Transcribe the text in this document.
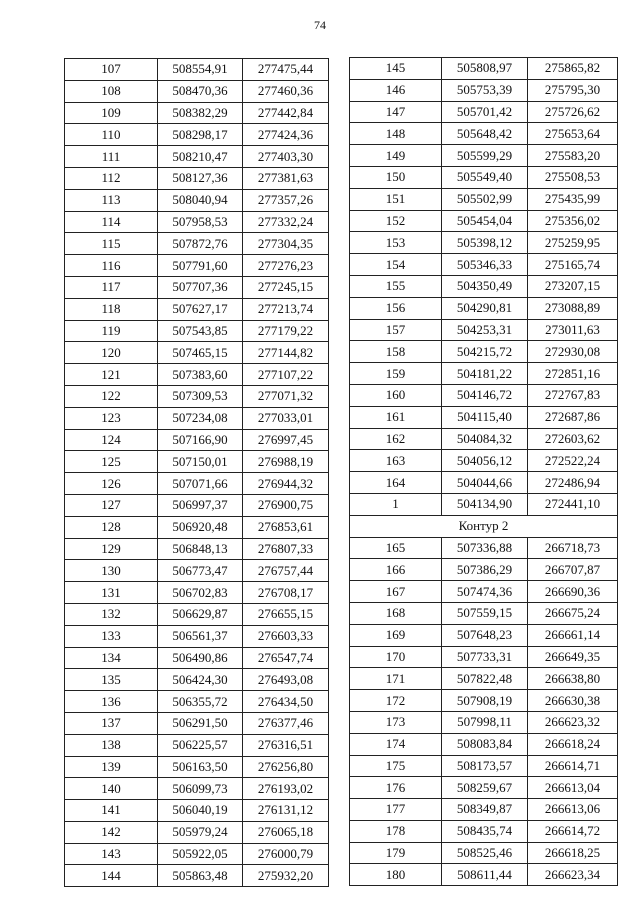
74
107	508554,91	277475,44
108	508470,36	277460,36
109	508382,29	277442,84
110	508298,17	277424,36
111	508210,47	277403,30
112	508127,36	277381,63
113	508040,94	277357,26
114	507958,53	277332,24
115	507872,76	277304,35
116	507791,60	277276,23
117	507707,36	277245,15
118	507627,17	277213,74
119	507543,85	277179,22
120	507465,15	277144,82
121	507383,60	277107,22
122	507309,53	277071,32
123	507234,08	277033,01
124	507166,90	276997,45
125	507150,01	276988,19
126	507071,66	276944,32
127	506997,37	276900,75
128	506920,48	276853,61
129	506848,13	276807,33
130	506773,47	276757,44
131	506702,83	276708,17
132	506629,87	276655,15
133	506561,37	276603,33
134	506490,86	276547,74
135	506424,30	276493,08
136	506355,72	276434,50
137	506291,50	276377,46
138	506225,57	276316,51
139	506163,50	276256,80
140	506099,73	276193,02
141	506040,19	276131,12
142	505979,24	276065,18
143	505922,05	276000,79
144	505863,48	275932,20
145	505808,97	275865,82
146	505753,39	275795,30
147	505701,42	275726,62
148	505648,42	275653,64
149	505599,29	275583,20
150	505549,40	275508,53
151	505502,99	275435,99
152	505454,04	275356,02
153	505398,12	275259,95
154	505346,33	275165,74
155	504350,49	273207,15
156	504290,81	273088,89
157	504253,31	273011,63
158	504215,72	272930,08
159	504181,22	272851,16
160	504146,72	272767,83
161	504115,40	272687,86
162	504084,32	272603,62
163	504056,12	272522,24
164	504044,66	272486,94
1	504134,90	272441,10
Контур 2		
165	507336,88	266718,73
166	507386,29	266707,87
167	507474,36	266690,36
168	507559,15	266675,24
169	507648,23	266661,14
170	507733,31	266649,35
171	507822,48	266638,80
172	507908,19	266630,38
173	507998,11	266623,32
174	508083,84	266618,24
175	508173,57	266614,71
176	508259,67	266613,04
177	508349,87	266613,06
178	508435,74	266614,72
179	508525,46	266618,25
180	508611,44	266623,34
